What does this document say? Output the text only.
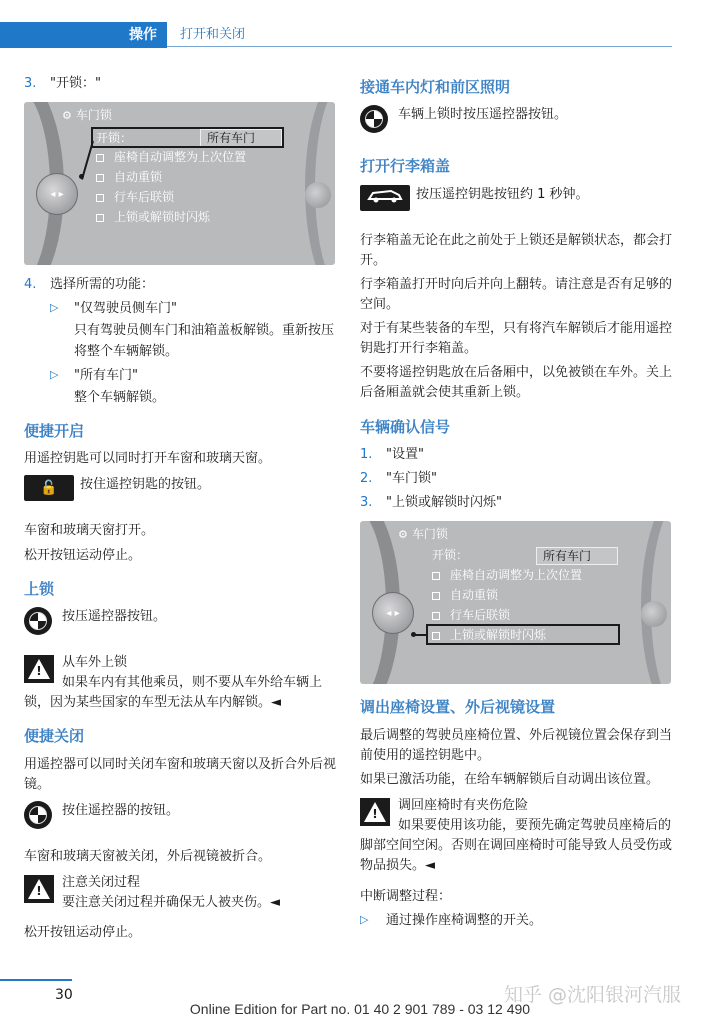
操作	打开和关闭
3. "开锁："
◂ ▸
⚙ 车门锁
开锁：	所有车门
座椅自动调整为上次位置
自动重锁
行车后联锁
上锁或解锁时闪烁
4. 选择所需的功能：
▷ "仅驾驶员侧车门"
只有驾驶员侧车门和油箱盖板解锁。重新按压将整个车辆解锁。
▷ "所有车门"
整个车辆解锁。
便捷开启
用遥控钥匙可以同时打开车窗和玻璃天窗。
🔓	按住遥控钥匙的按钮。
车窗和玻璃天窗打开。
松开按钮运动停止。
上锁
按压遥控器按钮。
!
从车外上锁
如果车内有其他乘员，则不要从车外给车辆上锁，因为某些国家的车型无法从车内解锁。◄
便捷关闭
用遥控器可以同时关闭车窗和玻璃天窗以及折合外后视镜。
按住遥控器的按钮。
车窗和玻璃天窗被关闭，外后视镜被折合。
!
注意关闭过程
要注意关闭过程并确保无人被夹伤。◄
松开按钮运动停止。
接通车内灯和前区照明
车辆上锁时按压遥控器按钮。
打开行李箱盖
按压遥控钥匙按钮约 1 秒钟。
行李箱盖无论在此之前处于上锁还是解锁状态，都会打开。
行李箱盖打开时向后并向上翻转。请注意是否有足够的空间。
对于有某些装备的车型，只有将汽车解锁后才能用遥控钥匙打开行李箱盖。
不要将遥控钥匙放在后备厢中，以免被锁在车外。关上后备厢盖就会使其重新上锁。
车辆确认信号
1. "设置"
2. "车门锁"
3. "上锁或解锁时闪烁"
◂ ▸
⚙ 车门锁
开锁：	所有车门
座椅自动调整为上次位置
自动重锁
行车后联锁
上锁或解锁时闪烁
调出座椅设置、外后视镜设置
最后调整的驾驶员座椅位置、外后视镜位置会保存到当前使用的遥控钥匙中。
如果已激活功能，在给车辆解锁后自动调出该位置。
!
调回座椅时有夹伤危险
如果要使用该功能，要预先确定驾驶员座椅后的脚部空间空闲。否则在调回座椅时可能导致人员受伤或物品损失。◄
中断调整过程：
▷ 通过操作座椅调整的开关。
30	知乎 @沈阳银河汽服
Online Edition for Part no. 01 40 2 901 789 - 03 12 490
